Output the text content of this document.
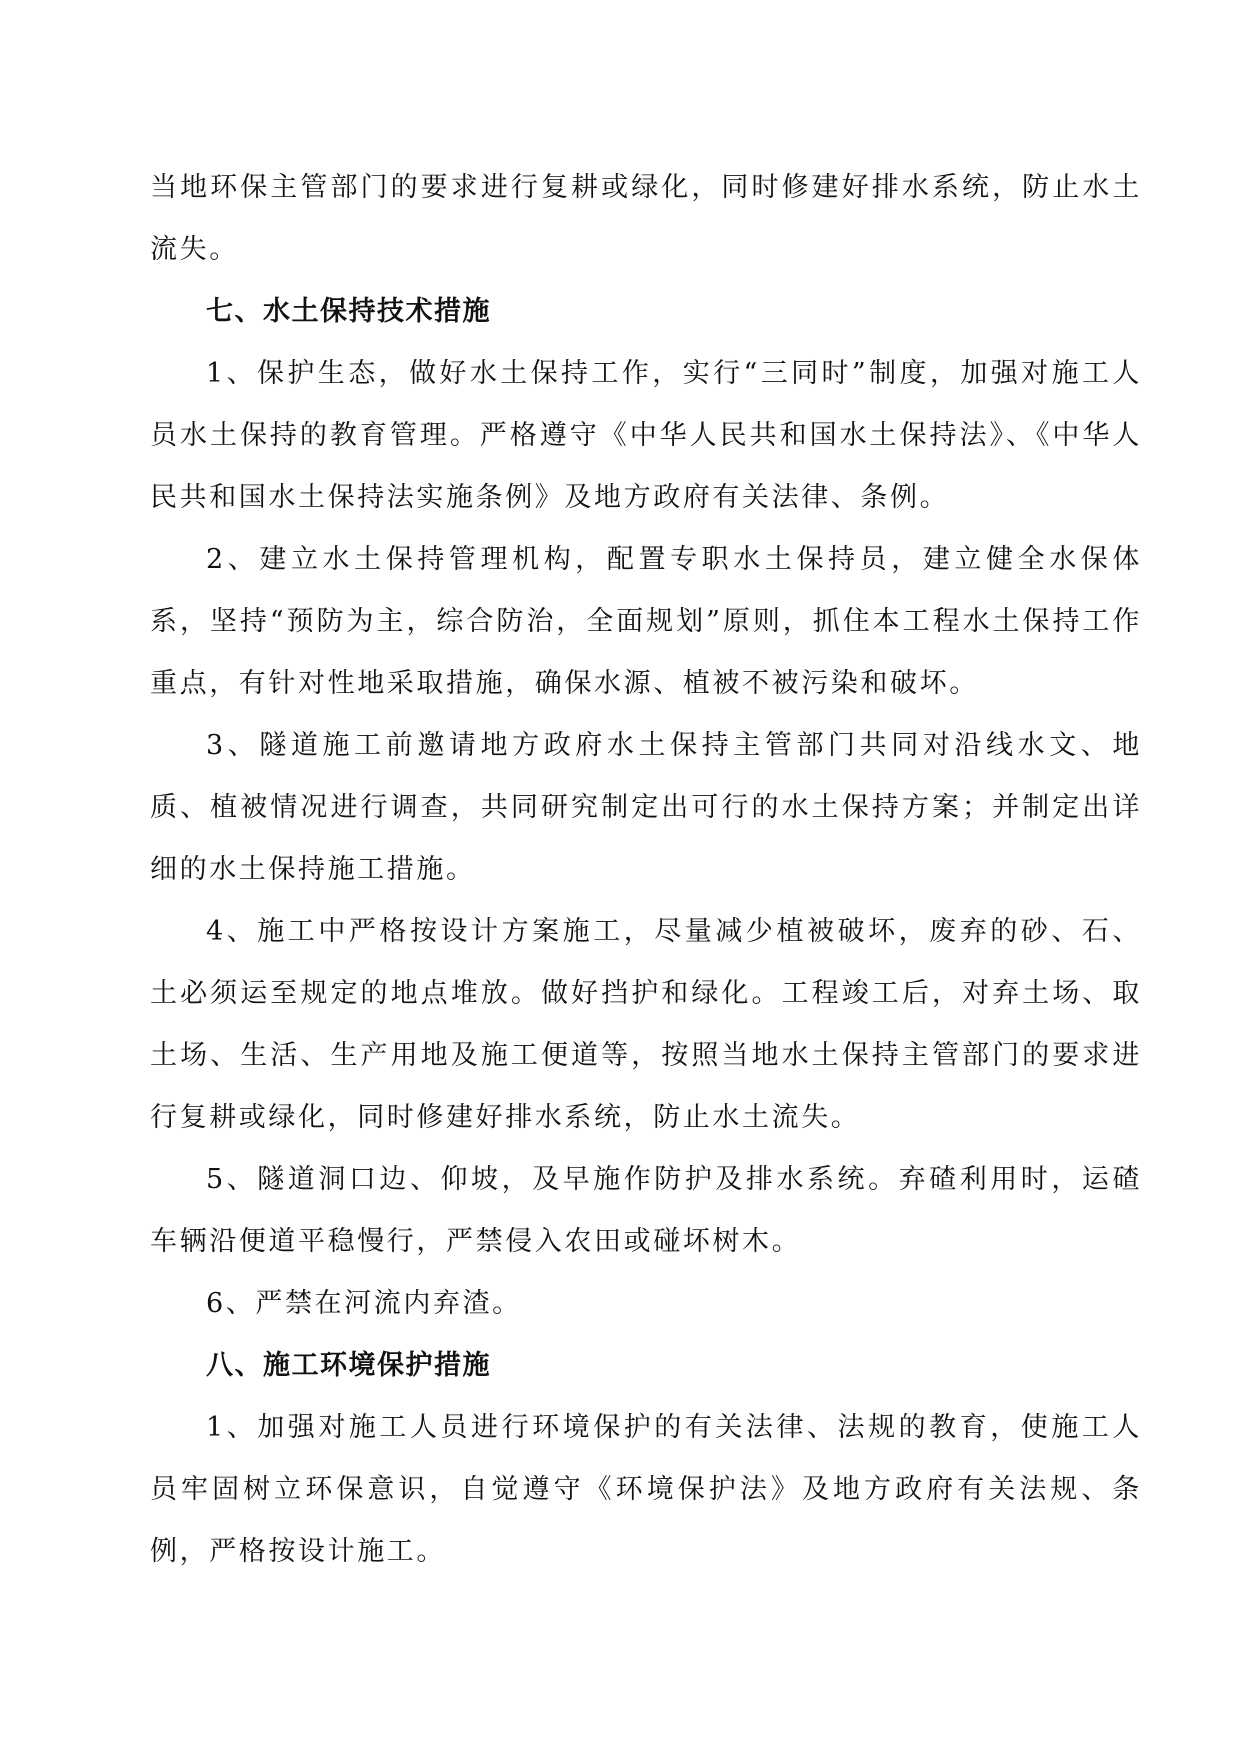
当地环保主管部门的要求进行复耕或绿化，同时修建好排水系统，防止水土流失。

七、水土保持技术措施

1、保护生态，做好水土保持工作，实行“三同时”制度，加强对施工人员水土保持的教育管理。严格遵守《中华人民共和国水土保持法》、《中华人民共和国水土保持法实施条例》及地方政府有关法律、条例。

2、建立水土保持管理机构，配置专职水土保持员，建立健全水保体系，坚持“预防为主，综合防治，全面规划”原则，抓住本工程水土保持工作重点，有针对性地采取措施，确保水源、植被不被污染和破坏。

3、隧道施工前邀请地方政府水土保持主管部门共同对沿线水文、地质、植被情况进行调查，共同研究制定出可行的水土保持方案；并制定出详细的水土保持施工措施。

4、施工中严格按设计方案施工，尽量减少植被破坏，废弃的砂、石、土必须运至规定的地点堆放。做好挡护和绿化。工程竣工后，对弃土场、取土场、生活、生产用地及施工便道等，按照当地水土保持主管部门的要求进行复耕或绿化，同时修建好排水系统，防止水土流失。

5、隧道洞口边、仰坡，及早施作防护及排水系统。弃碴利用时，运碴车辆沿便道平稳慢行，严禁侵入农田或碰坏树木。

6、严禁在河流内弃渣。

八、施工环境保护措施

1、加强对施工人员进行环境保护的有关法律、法规的教育，使施工人员牢固树立环保意识，自觉遵守《环境保护法》及地方政府有关法规、条例，严格按设计施工。
